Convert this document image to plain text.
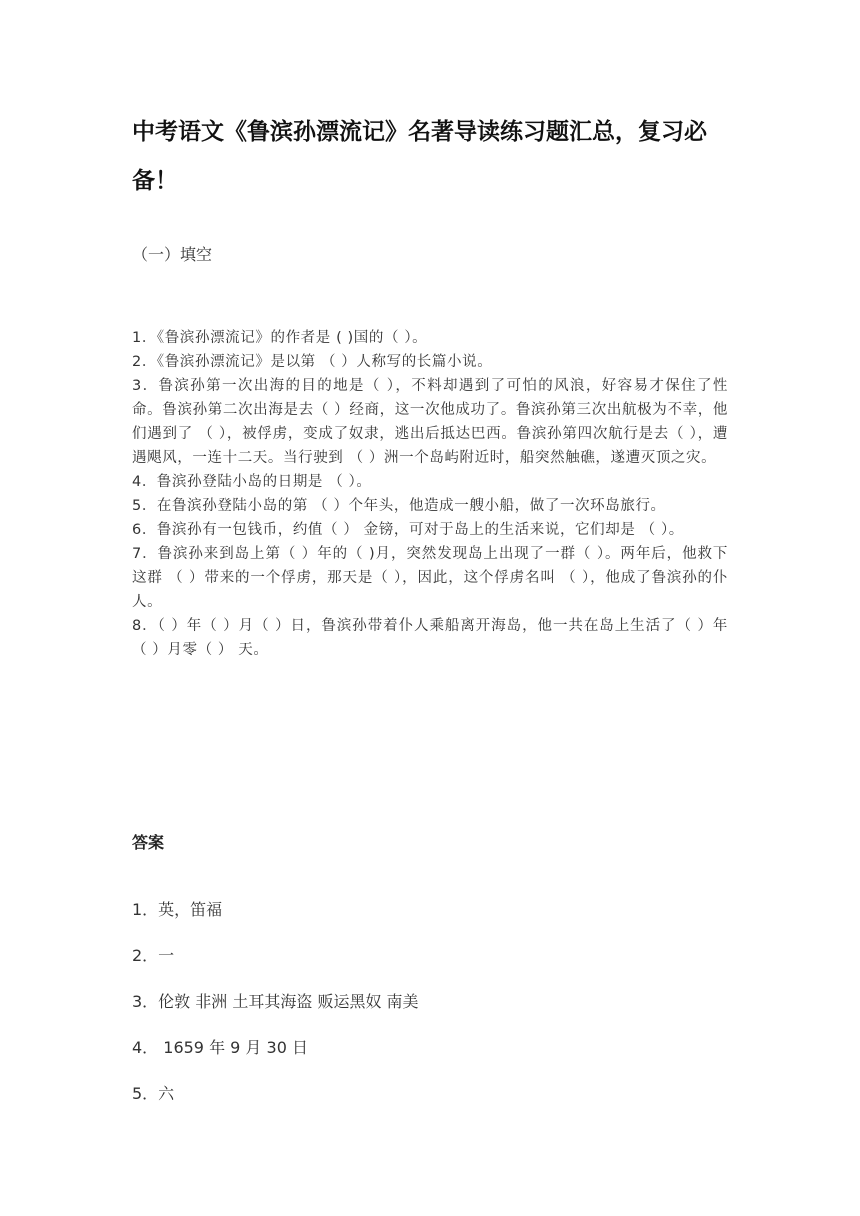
中考语文《鲁滨孙漂流记》名著导读练习题汇总，复习必备！
（一）填空

1．《鲁滨孙漂流记》的作者是 ( )国的（ ）。

2．《鲁滨孙漂流记》是以第 （ ）人称写的长篇小说。

3．鲁滨孙第一次出海的目的地是（ ），不料却遇到了可怕的风浪，好容易才保住了性命。鲁滨孙第二次出海是去（ ）经商，这一次他成功了。鲁滨孙第三次出航极为不幸，他们遇到了 （ ），被俘虏，变成了奴隶，逃出后抵达巴西。鲁滨孙第四次航行是去（ ），遭遇飓风，一连十二天。当行驶到 （ ）洲一个岛屿附近时，船突然触礁，遂遭灭顶之灾。

4．鲁滨孙登陆小岛的日期是 （ ）。

5．在鲁滨孙登陆小岛的第 （ ）个年头，他造成一艘小船，做了一次环岛旅行。

6．鲁滨孙有一包钱币，约值（ ） 金镑，可对于岛上的生活来说，它们却是 （ ）。

7．鲁滨孙来到岛上第（ ）年的（ )月，突然发现岛上出现了一群（ ）。两年后，他救下这群 （ ）带来的一个俘虏，那天是（ ），因此，这个俘虏名叫 （ ），他成了鲁滨孙的仆人。

8．（ ）年（ ）月（ ）日，鲁滨孙带着仆人乘船离开海岛，他一共在岛上生活了（ ）年（ ）月零（ ） 天。

答案

1．英，笛福

2．一

3．伦敦 非洲 土耳其海盗 贩运黑奴 南美

4． 1659 年 9 月 30 日

5．六
